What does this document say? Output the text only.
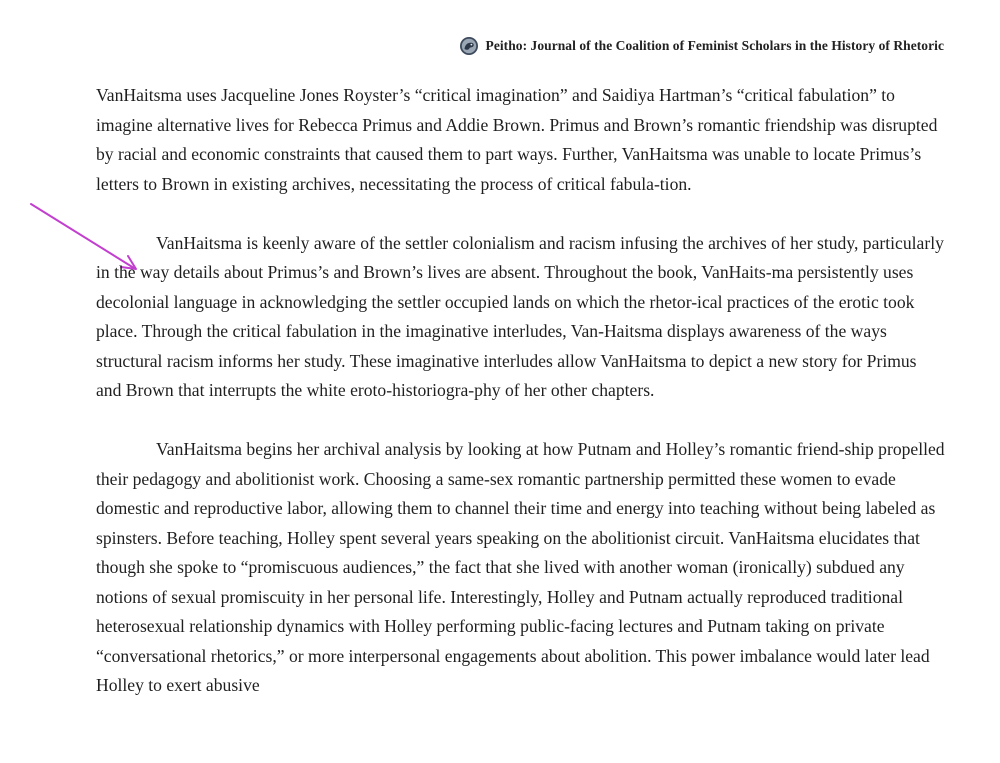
Peitho: Journal of the Coalition of Feminist Scholars in the History of Rhetoric

VanHaitsma uses Jacqueline Jones Royster’s “critical imagination” and Saidiya Hartman’s “critical fabulation” to imagine alternative lives for Rebecca Primus and Addie Brown. Primus and Brown’s romantic friendship was disrupted by racial and economic constraints that caused them to part ways. Further, VanHaitsma was unable to locate Primus’s letters to Brown in existing archives, necessitating the process of critical fabula-tion.

VanHaitsma is keenly aware of the settler colonialism and racism infusing the archives of her study, particularly in the way details about Primus’s and Brown’s lives are absent. Throughout the book, VanHaits-ma persistently uses decolonial language in acknowledging the settler occupied lands on which the rhetor-ical practices of the erotic took place. Through the critical fabulation in the imaginative interludes, Van-Haitsma displays awareness of the ways structural racism informs her study. These imaginative interludes allow VanHaitsma to depict a new story for Primus and Brown that interrupts the white eroto-historiogra-phy of her other chapters.

VanHaitsma begins her archival analysis by looking at how Putnam and Holley’s romantic friend-ship propelled their pedagogy and abolitionist work. Choosing a same-sex romantic partnership permitted these women to evade domestic and reproductive labor, allowing them to channel their time and energy into teaching without being labeled as spinsters. Before teaching, Holley spent several years speaking on the abolitionist circuit. VanHaitsma elucidates that though she spoke to “promiscuous audiences,” the fact that she lived with another woman (ironically) subdued any notions of sexual promiscuity in her personal life. Interestingly, Holley and Putnam actually reproduced traditional heterosexual relationship dynamics with Holley performing public-facing lectures and Putnam taking on private “conversational rhetorics,” or more interpersonal engagements about abolition. This power imbalance would later lead Holley to exert abusive
